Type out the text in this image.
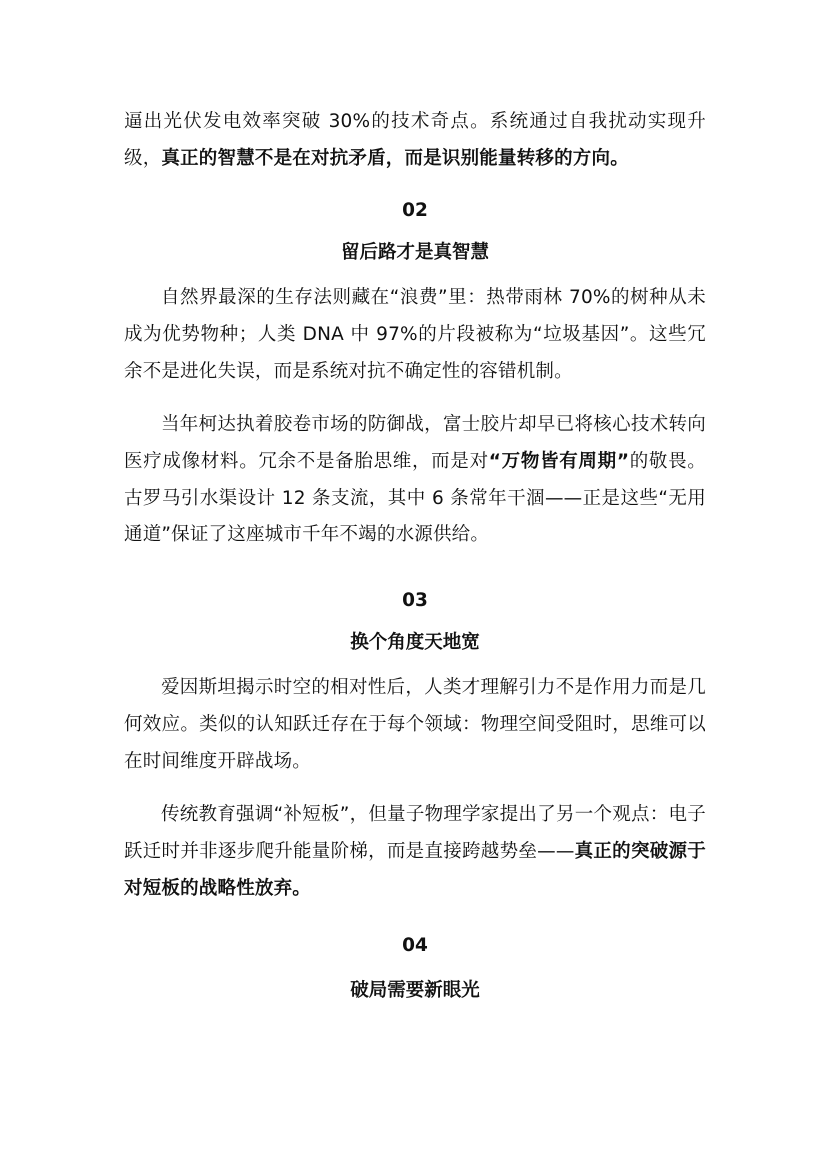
逼出光伏发电效率突破 30%的技术奇点。系统通过自我扰动实现升级，真正的智慧不是在对抗矛盾，而是识别能量转移的方向。

02
留后路才是真智慧

自然界最深的生存法则藏在“浪费”里：热带雨林 70%的树种从未成为优势物种；人类 DNA 中 97%的片段被称为“垃圾基因”。这些冗余不是进化失误，而是系统对抗不确定性的容错机制。

当年柯达执着胶卷市场的防御战，富士胶片却早已将核心技术转向医疗成像材料。冗余不是备胎思维，而是对“万物皆有周期”的敬畏。古罗马引水渠设计 12 条支流，其中 6 条常年干涸——正是这些“无用通道”保证了这座城市千年不竭的水源供给。

03
换个角度天地宽

爱因斯坦揭示时空的相对性后，人类才理解引力不是作用力而是几何效应。类似的认知跃迁存在于每个领域：物理空间受阻时，思维可以在时间维度开辟战场。

传统教育强调“补短板”，但量子物理学家提出了另一个观点：电子跃迁时并非逐步爬升能量阶梯，而是直接跨越势垒——真正的突破源于对短板的战略性放弃。

04
破局需要新眼光
